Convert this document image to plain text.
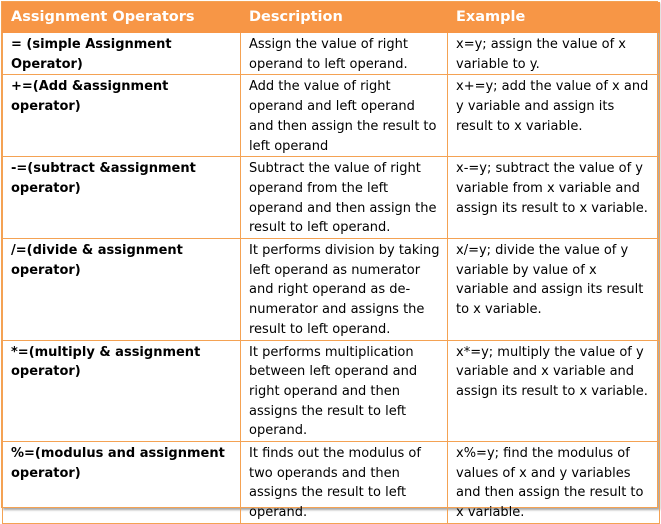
Assignment Operators	Description	Example
= (simple Assignment Operator)	Assign the value of right operand to left operand.	x=y; assign the value of x variable to y.
+=(Add &assignment operator)	Add the value of right operand and left operand and then assign the result to left operand	x+=y; add the value of x and y variable and assign its result to x variable.
-=(subtract &assignment operator)	Subtract the value of right operand from the left operand and then assign the result to left operand.	x-=y; subtract the value of y variable from x variable and assign its result to x variable.
/=(divide & assignment operator)	It performs division by taking left operand as numerator and right operand as de-numerator and assigns the result to left operand.	x/=y; divide the value of y variable by value of x variable and assign its result to x variable.
*=(multiply & assignment operator)	It performs multiplication between left operand and right operand and then assigns the result to left operand.	x*=y; multiply the value of y variable and x variable and assign its result to x variable.
%=(modulus and assignment operator)	It finds out the modulus of two operands and then assigns the result to left operand.	x%=y; find the modulus of values of x and y variables and then assign the result to x variable.
